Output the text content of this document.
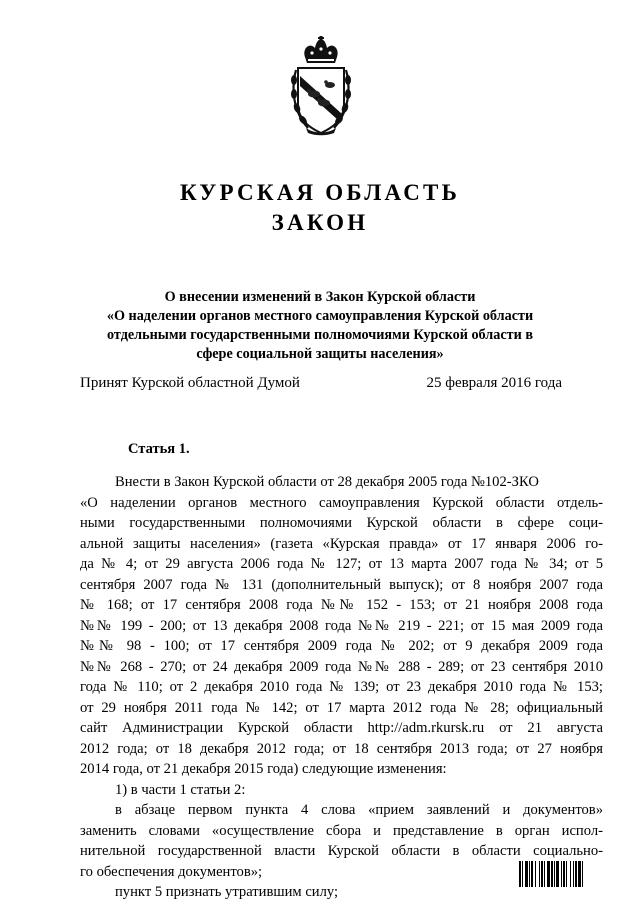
КУРСКАЯ ОБЛАСТЬ
ЗАКОН
О внесении изменений в Закон Курской области
«О наделении органов местного самоуправления Курской области
отдельными государственными полномочиями Курской области в
сфере социальной защиты населения»
Принят Курской областной Думой	25 февраля 2016 года
Статья 1.
Внести в Закон Курской области от 28 декабря 2005 года №102-ЗКО
«О наделении органов местного самоуправления Курской области отдель-
ными государственными полномочиями Курской области в сфере соци-
альной защиты населения» (газета «Курская правда» от 17 января 2006 го-
да № 4; от 29 августа 2006 года № 127; от 13 марта 2007 года № 34; от 5
сентября 2007 года № 131 (дополнительный выпуск); от 8 ноября 2007 года
№ 168; от 17 сентября 2008 года №№ 152 - 153; от 21 ноября 2008 года
№№ 199 - 200; от 13 декабря 2008 года №№ 219 - 221; от 15 мая 2009 года
№№ 98 - 100; от 17 сентября 2009 года № 202; от 9 декабря 2009 года
№№ 268 - 270; от 24 декабря 2009 года №№ 288 - 289; от 23 сентября 2010
года № 110; от 2 декабря 2010 года № 139; от 23 декабря 2010 года № 153;
от 29 ноября 2011 года № 142; от 17 марта 2012 года № 28; официальный
сайт Администрации Курской области http://adm.rkursk.ru от 21 августа
2012 года; от 18 декабря 2012 года; от 18 сентября 2013 года; от 27 ноября
2014 года, от 21 декабря 2015 года) следующие изменения:
1) в части 1 статьи 2:
в абзаце первом пункта 4 слова «прием заявлений и документов»
заменить словами «осуществление сбора и представление в орган испол-
нительной государственной власти Курской области в области социально-
го обеспечения документов»;
пункт 5 признать утратившим силу;
